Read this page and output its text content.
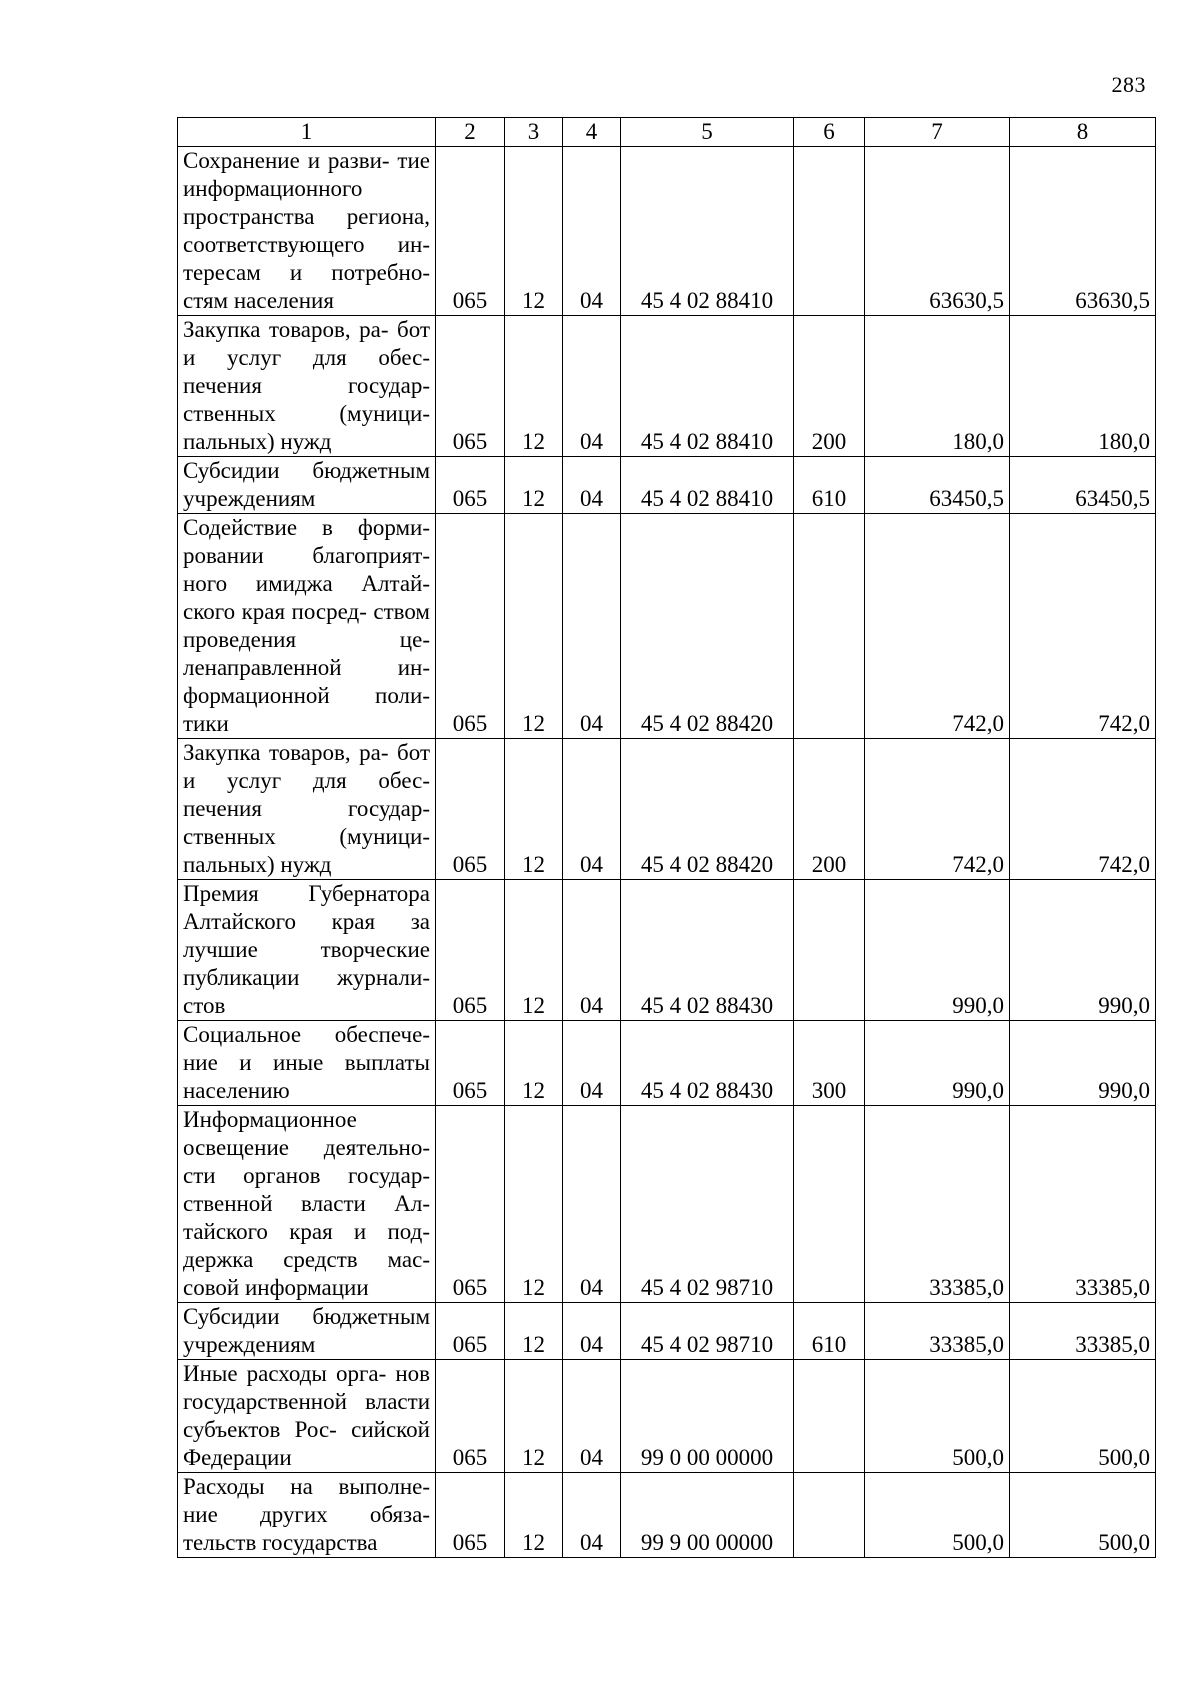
283
1	2	3	4	5	6	7	8
Сохранение и разви- тие информационного пространства региона, соответствующего ин- тересам и потребно- стям населения	065	12	04	45 4 02 88410		63630,5	63630,5
Закупка товаров, ра- бот и услуг для обес- печения государ- ственных (муници- пальных) нужд	065	12	04	45 4 02 88410	200	180,0	180,0
Субсидии бюджетным учреждениям	065	12	04	45 4 02 88410	610	63450,5	63450,5
Содействие в форми- ровании благоприят- ного имиджа Алтай- ского края посред- ством проведения це- ленаправленной ин- формационной поли- тики	065	12	04	45 4 02 88420		742,0	742,0
Закупка товаров, ра- бот и услуг для обес- печения государ- ственных (муници- пальных) нужд	065	12	04	45 4 02 88420	200	742,0	742,0
Премия Губернатора Алтайского края за лучшие творческие публикации журнали- стов	065	12	04	45 4 02 88430		990,0	990,0
Социальное обеспече- ние и иные выплаты населению	065	12	04	45 4 02 88430	300	990,0	990,0
Информационное освещение деятельно- сти органов государ- ственной власти Ал- тайского края и под- держка средств мас- совой информации	065	12	04	45 4 02 98710		33385,0	33385,0
Субсидии бюджетным учреждениям	065	12	04	45 4 02 98710	610	33385,0	33385,0
Иные расходы орга- нов государственной власти субъектов Рос- сийской Федерации	065	12	04	99 0 00 00000		500,0	500,0
Расходы на выполне- ние других обяза- тельств государства	065	12	04	99 9 00 00000		500,0	500,0
